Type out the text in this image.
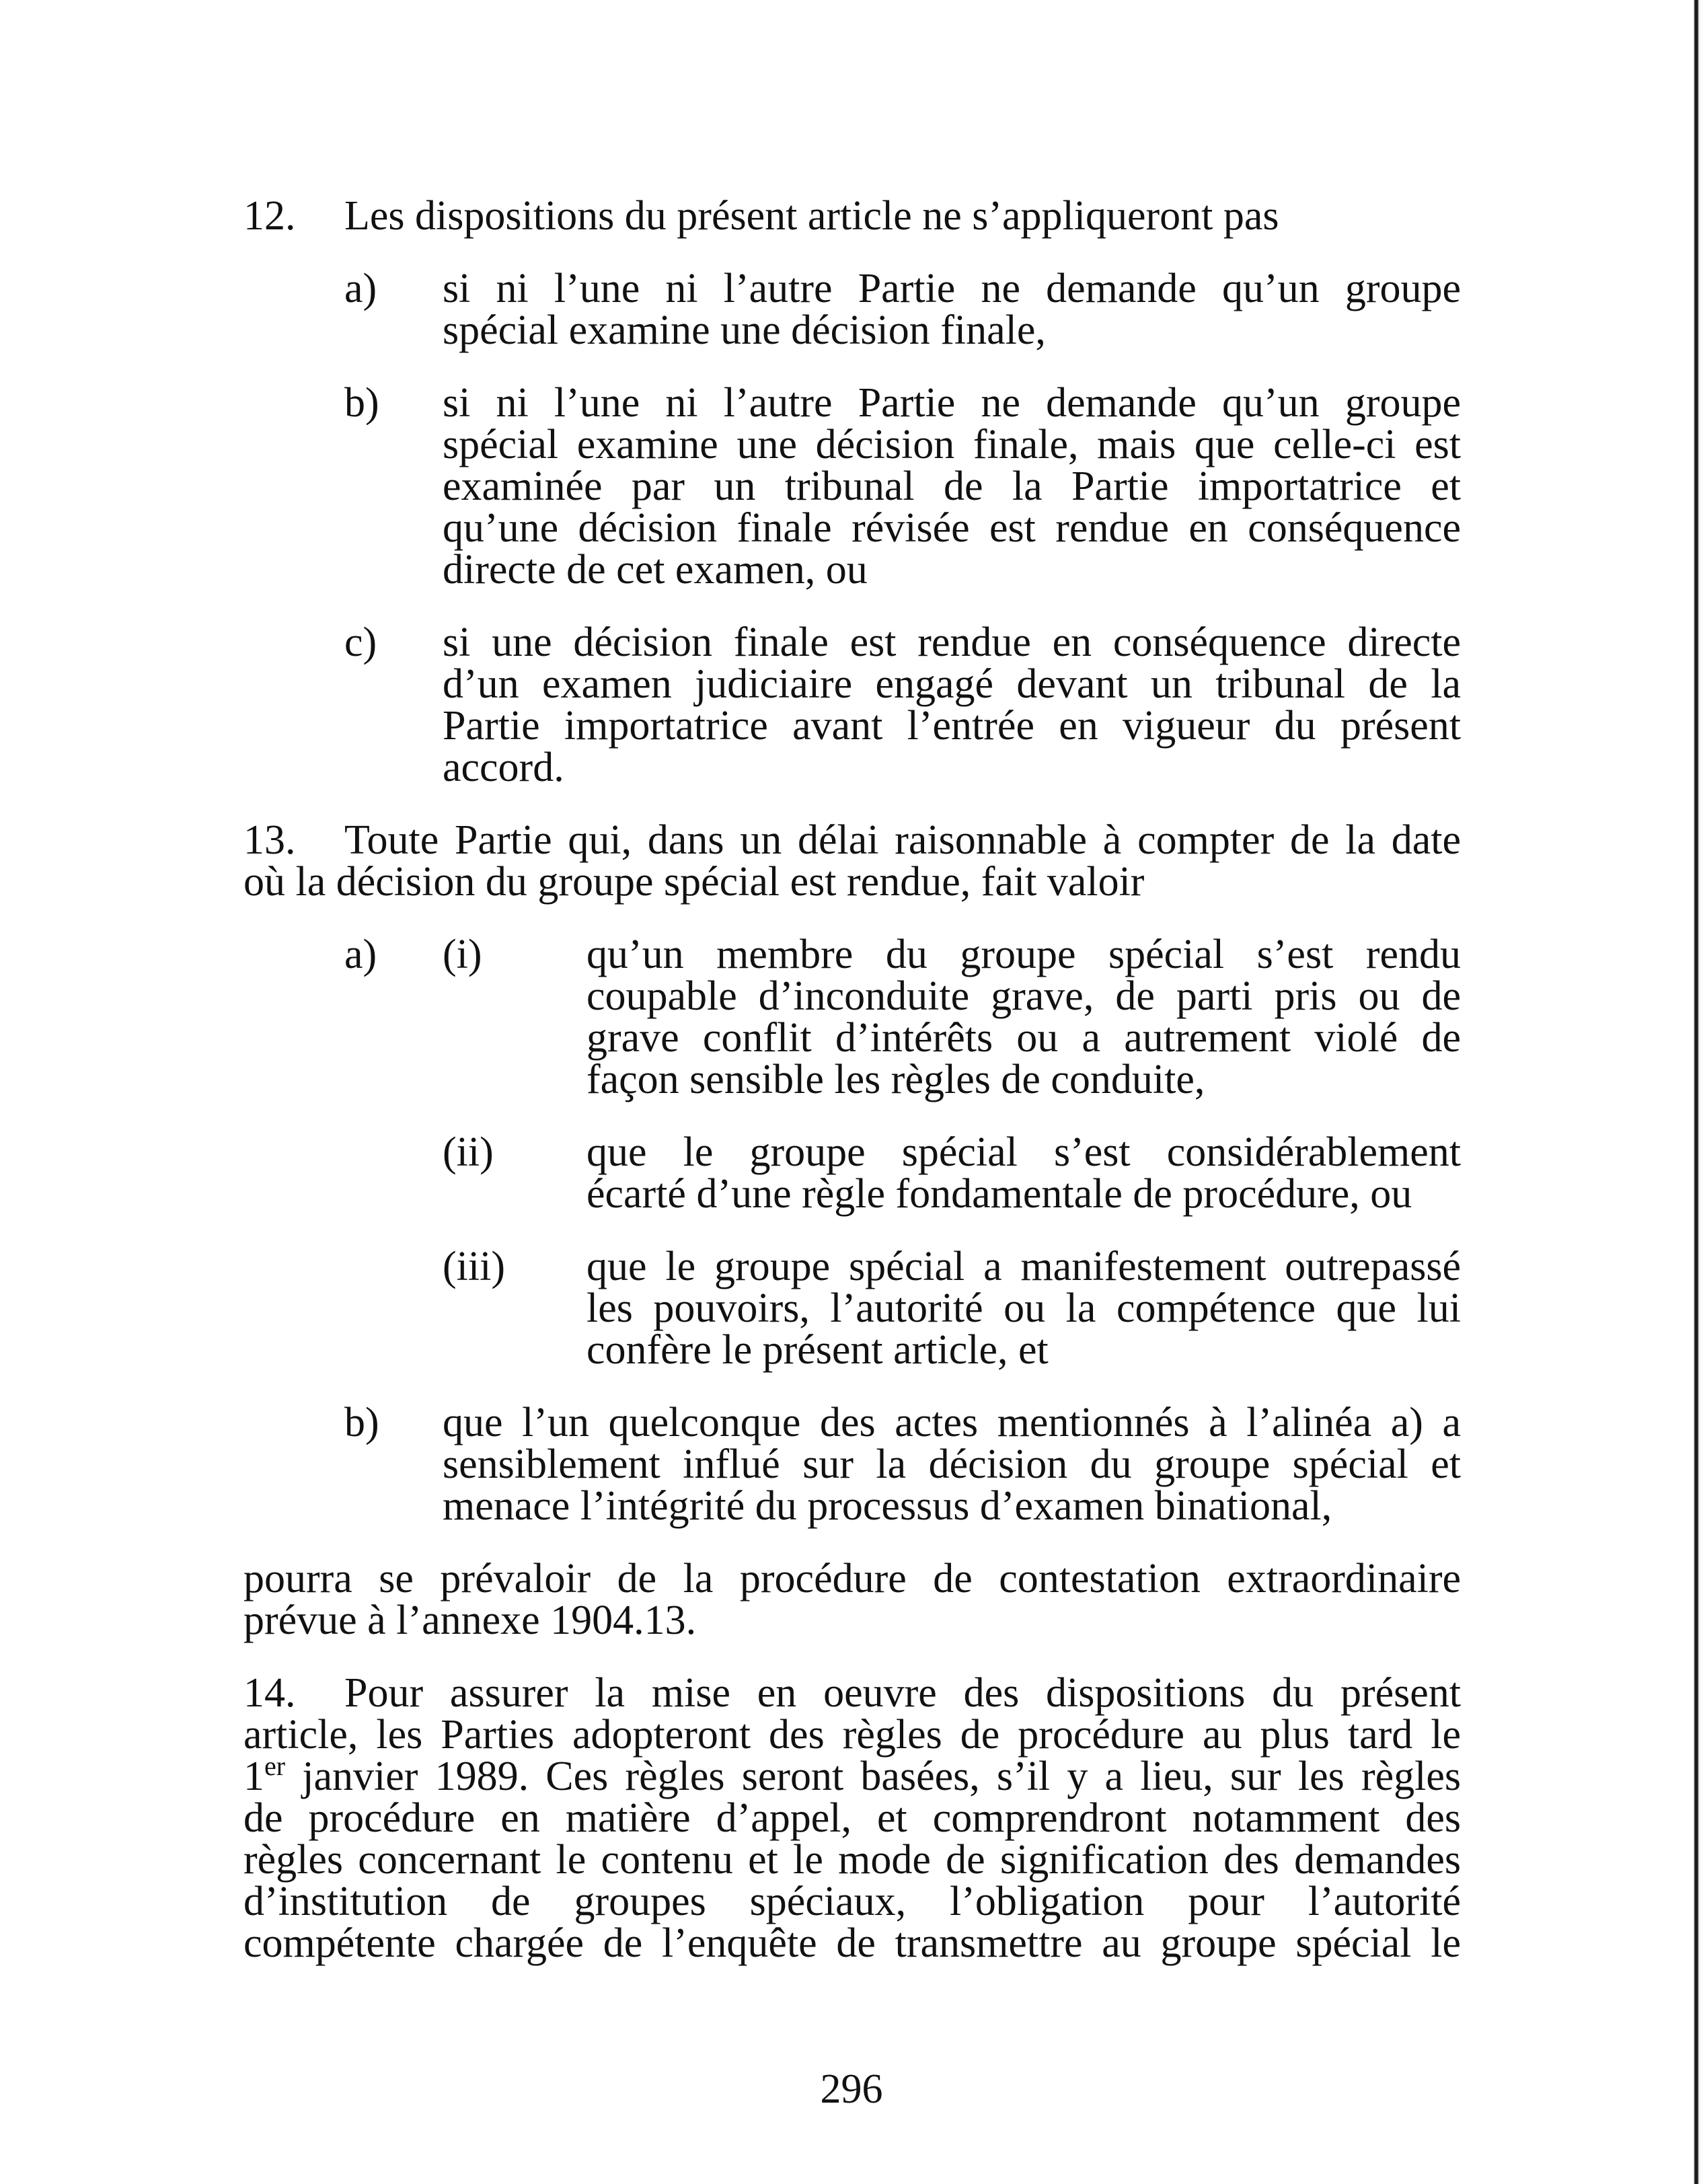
12.	Les dispositions du présent article ne s’appliqueront pas
a) si ni l’une ni l’autre Partie ne demande qu’un groupe
spécial examine une décision finale,
b) si ni l’une ni l’autre Partie ne demande qu’un groupe
spécial examine une décision finale, mais que celle-ci est
examinée par un tribunal de la Partie importatrice et
qu’une décision finale révisée est rendue en conséquence
directe de cet examen, ou
c) si une décision finale est rendue en conséquence directe
d’un examen judiciaire engagé devant un tribunal de la
Partie importatrice avant l’entrée en vigueur du présent
accord.
13.	Toute Partie qui, dans un délai raisonnable à compter de la date
où la décision du groupe spécial est rendue, fait valoir
a) (i)	qu’un membre du groupe spécial s’est rendu
coupable d’inconduite grave, de parti pris ou de
grave conflit d’intérêts ou a autrement violé de
façon sensible les règles de conduite,
(ii) que le groupe spécial s’est considérablement
écarté d’une règle fondamentale de procédure, ou
(iii) que le groupe spécial a manifestement outrepassé
les pouvoirs, l’autorité ou la compétence que lui
confère le présent article, et
b) que l’un quelconque des actes mentionnés à l’alinéa a) a
sensiblement influé sur la décision du groupe spécial et
menace l’intégrité du processus d’examen binational,
pourra se prévaloir de la procédure de contestation extraordinaire
prévue à l’annexe 1904.13.
14.	Pour assurer la mise en oeuvre des dispositions du présent
article, les Parties adopteront des règles de procédure au plus tard le
1er janvier 1989. Ces règles seront basées, s’il y a lieu, sur les règles
de procédure en matière d’appel, et comprendront notamment des
règles concernant le contenu et le mode de signification des demandes
d’institution de groupes spéciaux, l’obligation pour l’autorité
compétente chargée de l’enquête de transmettre au groupe spécial le
296
